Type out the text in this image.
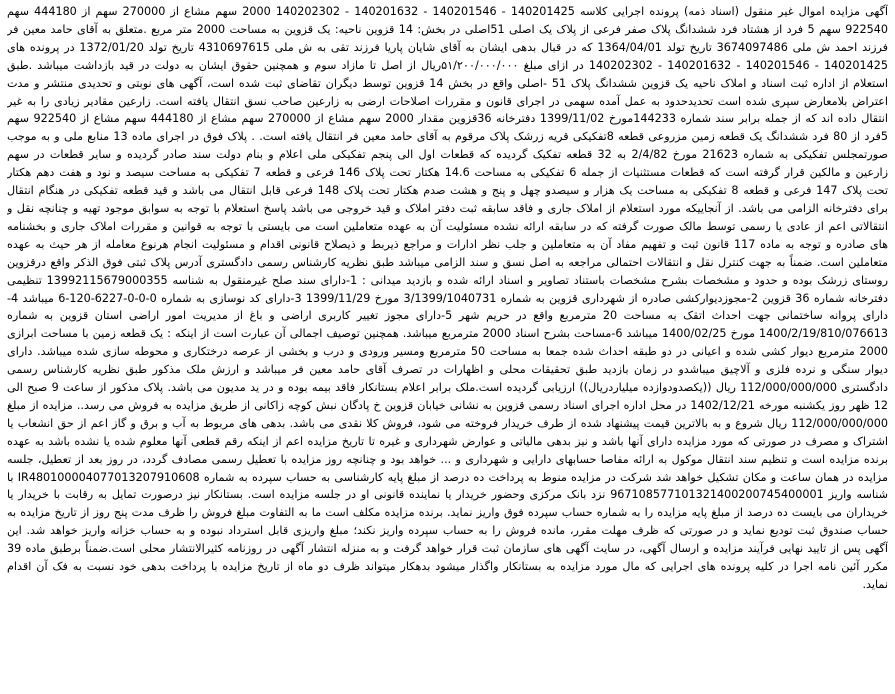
آگهی مزایده اموال غیر منقول (اسناد ذمه) پرونده اجرایی کلاسه 140201425 - 140201546 - 140201632 - 140202302 2000 سهم مشاع از 270000 سهم از 444180 سهم 922540 سهم 5 فرد از هشتاد فرد ششدانگ پلاک صفر فرعی از پلاک یک اصلی 51اصلی در بخش: 14 قزوین ناحیه: یک قزوین به مساحت 2000 متر مربع .متعلق به آقای حامد معین فر فرزند احمد ش ملی 3674097486 تاریخ تولد 1364/04/01 که در قبال بدهی ایشان به آقای شایان پاریا فرزند تقی به ش ملی 4310697615 تاریخ تولد 1372/01/20 در پرونده های 140201425 - 140201546 - 140201632 - 140202302 در ازای مبلغ ۵۱/۲۰۰/۰۰۰/۰۰۰ریال از اصل تا مازاد سوم و همچنین حقوق ایشان به دولت در قید بازداشت میباشد .طبق استعلام از اداره ثبت اسناد و املاک ناحیه یک قزوین ششدانگ پلاک 51 -اصلی واقع در بخش 14 قزوین توسط دیگران تقاضای ثبت شده است، آگهی های نوبتی و تحدیدی منتشر و مدت اعتراض بلامعارض سپری شده است تحدیدحدود به عمل آمده سهمی در اجرای قانون و مقررات اصلاحات ارضی به زارعین صاحب نسق انتقال یافته است. زارعین مقادیر زیادی را به غیر انتقال داده اند که از جمله برابر سند شماره 144233مورخ 1399/11/02 دفترخانه 36قزوین مقدار 2000 سهم مشاع از 270000 سهم مشاع از 444180 سهم مشاع از 922540 سهم 5فرد از 80 فرد ششدانگ یک قطعه زمین مزروعی قطعه 8تفکیکی قریه زرشک پلاک مرقوم به آقای حامد معین فر انتقال یافته است. . پلاک فوق در اجرای ماده 13 منابع ملی و به موجب صورتمجلس تفکیکی به شماره 21623 مورخ 2/4/82 به 32 قطعه تفکیک گردیده که قطعات اول الی پنجم تفکیکی ملی اعلام و بنام دولت سند صادر گردیده و سایر قطعات در سهم زارعین و مالکین قرار گرفته است که قطعات مستثنیات از جمله 6 تفکیکی به مساحت 14.6 هکتار تحت پلاک 146 فرعی و قطعه 7 تفکیکی به مساحت سیصد و نود و هفت دهم هکتار تحت پلاک 147 فرعی و قطعه 8 تفکیکی به مساحت یک هزار و سیصدو چهل و پنج و هشت صدم هکتار تحت پلاک 148 فرعی قابل انتقال می باشد و قید قطعه تفکیکی در هنگام انتقال برای دفترخانه الزامی می باشد. از آنجاییکه مورد استعلام از املاک جاری و فاقد سابقه ثبت دفتر املاک و قید خروجی می باشد پاسخ استعلام با توجه به سوابق موجود تهیه و چنانچه نقل و انتقالاتی اعم از عادی یا رسمی توسط مالک صورت گرفته که در سابقه ارائه نشده مسئولیت آن به عهده متعاملین است می بایستی با توجه به قوانین و مقررات املاک جاری و بخشنامه های صادره و توجه به ماده 117 قانون ثبت و تفهیم مفاد آن به متعاملین و جلب نظر ادارات و مراجع ذیربط و ذیصلاح قانونی اقدام و مسئولیت انجام هرنوع معامله از هر حیث به عهده متعاملین است. ضمناً به جهت کنترل نقل و انتقالات احتمالی مراجعه به اصل نسق و سند الزامی میباشد طبق نظریه کارشناس رسمی دادگستری آدرس پلاک ثبتی فوق الذکر واقع درقزوین روستای زرشک بوده و حدود و مشخصات بشرح مشخصات باستناد تصاویر و اسناد ارائه شده و بازدید میدانی : 1-دارای سند صلح غیرمنقول به شناسه 13992115679000355 تنظیمی دفترخانه شماره 36 قزوین 2-مجوزدیوارکشی صادره از شهرداری قزوین به شماره 3/1399/1040731 مورخ 1399/11/29 3-دارای کد نوسازی به شماره 0-0-0-6227-120-6 میباشد 4-دارای پروانه ساختمانی جهت احداث اتقک به مساحت 20 مترمربع واقع در حریم شهر 5-دارای مجوز تغییر کاربری اراضی و باغ از مدیریت امور اراضی استان قزوین به شماره 1400/2/19/810/076613 مورخ 1400/02/25 میباشد 6-مساحت بشرح اسناد 2000 مترمربع میباشد. همچنین توصیف اجمالی آن عبارت است از اینکه : یک قطعه زمین با مساحت ابرازی 2000 مترمربع دیوار کشی شده و اعیانی در دو طبقه احداث شده جمعا به مساحت 50 مترمربع ومسیر ورودی و درب و بخشی از عرصه درختکاری و محوطه سازی شده میباشد. دارای دیوار سنگی و نرده فلزی و آلاچیق میباشدو در زمان بازدید طبق تحقیقات محلی و اظهارات در تصرف آقای حامد معین فر میباشد و ارزش ملک مذکور طبق نظریه کارشناس رسمی دادگستری 112/000/000/000 ریال ((یکصدودوازده میلیاردریال)) ارزیابی گردیده است.ملک برابر اعلام بستانکار فاقد بیمه بوده و در ید مدیون می باشد. پلاک مذکور از ساعت 9 صبح الی 12 ظهر روز یکشنبه مورخه 1402/12/21 در محل اداره اجرای اسناد رسمی قزوین به نشانی خیابان قزوین خ پادگان نبش کوچه زاکانی از طریق مزایده به فروش می رسد.. مزایده از مبلغ 112/000/000/000 ریال شروع و به بالاترین قیمت پیشنهاد شده از طرف خریدار فروخته می شود، فروش کلا نقدی می باشد. بدهی های مربوط به آب و برق و گاز اعم از حق انشعاب یا اشتراک و مصرف در صورتی که مورد مزایده دارای آنها باشد و نیز بدهی مالیاتی و عوارض شهرداری و غیره تا تاریخ مزایده اعم از اینکه رقم قطعی آنها معلوم شده یا نشده باشد به عهده برنده مزایده است و تنظیم سند انتقال موکول به ارائه مفاصا حسابهای دارایی و شهرداری و ... خواهد بود و چنانچه روز مزایده با تعطیل رسمی مصادف گردد، در روز بعد از تعطیل، جلسه مزایده در همان ساعت و مکان تشکیل خواهد شد شرکت در مزایده منوط به پرداخت ده درصد از مبلغ پایه کارشناسی به حساب سپرده به شماره IR480100004077013207910608 با شناسه واریز 967108577101321400200745400001 نزد بانک مرکزی وحضور خریدار یا نماینده قانونی او در جلسه مزایده است. بستانکار نیز درصورت تمایل به رقابت با خریدار یا خریداران می بایست ده درصد از مبلغ پایه مزایده را به شماره حساب سپرده فوق واریز نماید. برنده مزایده مکلف است ما به التفاوت مبلغ فروش را ظرف مدت پنج روز از تاریخ مزایده به حساب صندوق ثبت تودیع نماید و در صورتی که ظرف مهلت مقرر، مانده فروش را به حساب سپرده واریز نکند؛ مبلغ واریزی قابل استرداد نبوده و به حساب خزانه واریز خواهد شد. این آگهی پس از تایید نهایی فرآیند مزایده و ارسال آگهی، در سایت آگهی های سازمان ثبت قرار خواهد گرفت و به منزله انتشار آگهی در روزنامه کثیرالانتشار محلی است.ضمناً برطبق ماده 39 مکرر آئین نامه اجرا در کلیه پرونده های اجرایی که مال مورد مزایده به بستانکار واگذار میشود بدهکار میتواند ظرف دو ماه از تاریخ مزایده با پرداخت بدهی خود نسبت به فک آن اقدام نماید.
